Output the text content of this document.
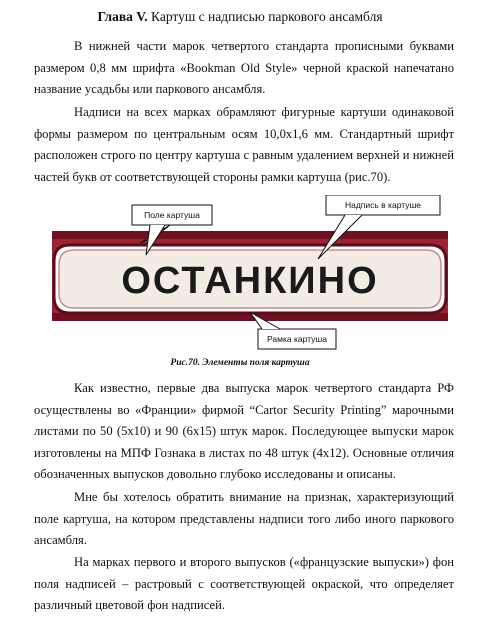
Глава V. Картуш с надписью паркового ансамбля

В нижней части марок четвертого стандарта прописными буквами размером 0,8 мм шрифта «Bookman Old Style» черной краской напечатано название усадьбы или паркового ансамбля.

Надписи на всех марках обрамляют фигурные картуши одинаковой формы размером по центральным осям 10,0х1,6 мм. Стандартный шрифт расположен строго по центру картуша с равным удалением верхней и нижней частей букв от соответствующей стороны рамки картуша (рис.70).

ОСТАНКИНО
Поле картуша
Надпись в картуше
Рамка картуша
Рис.70. Элементы поля картуша

Как известно, первые два выпуска марок четвертого стандарта РФ осуществлены во «Франции» фирмой “Cartor Security Printing” марочными листами по 50 (5х10) и 90 (6х15) штук марок. Последующее выпуски марок изготовлены на МПФ Гознака в листах по 48 штук (4х12). Основные отличия обозначенных выпусков довольно глубоко исследованы и описаны.

Мне бы хотелось обратить внимание на признак, характеризующий поле картуша, на котором представлены надписи того либо иного паркового ансамбля.

На марках первого и второго выпусков («французские выпуски») фон поля надписей – растровый с соответствующей окраской, что определяет различный цветовой фон надписей.
